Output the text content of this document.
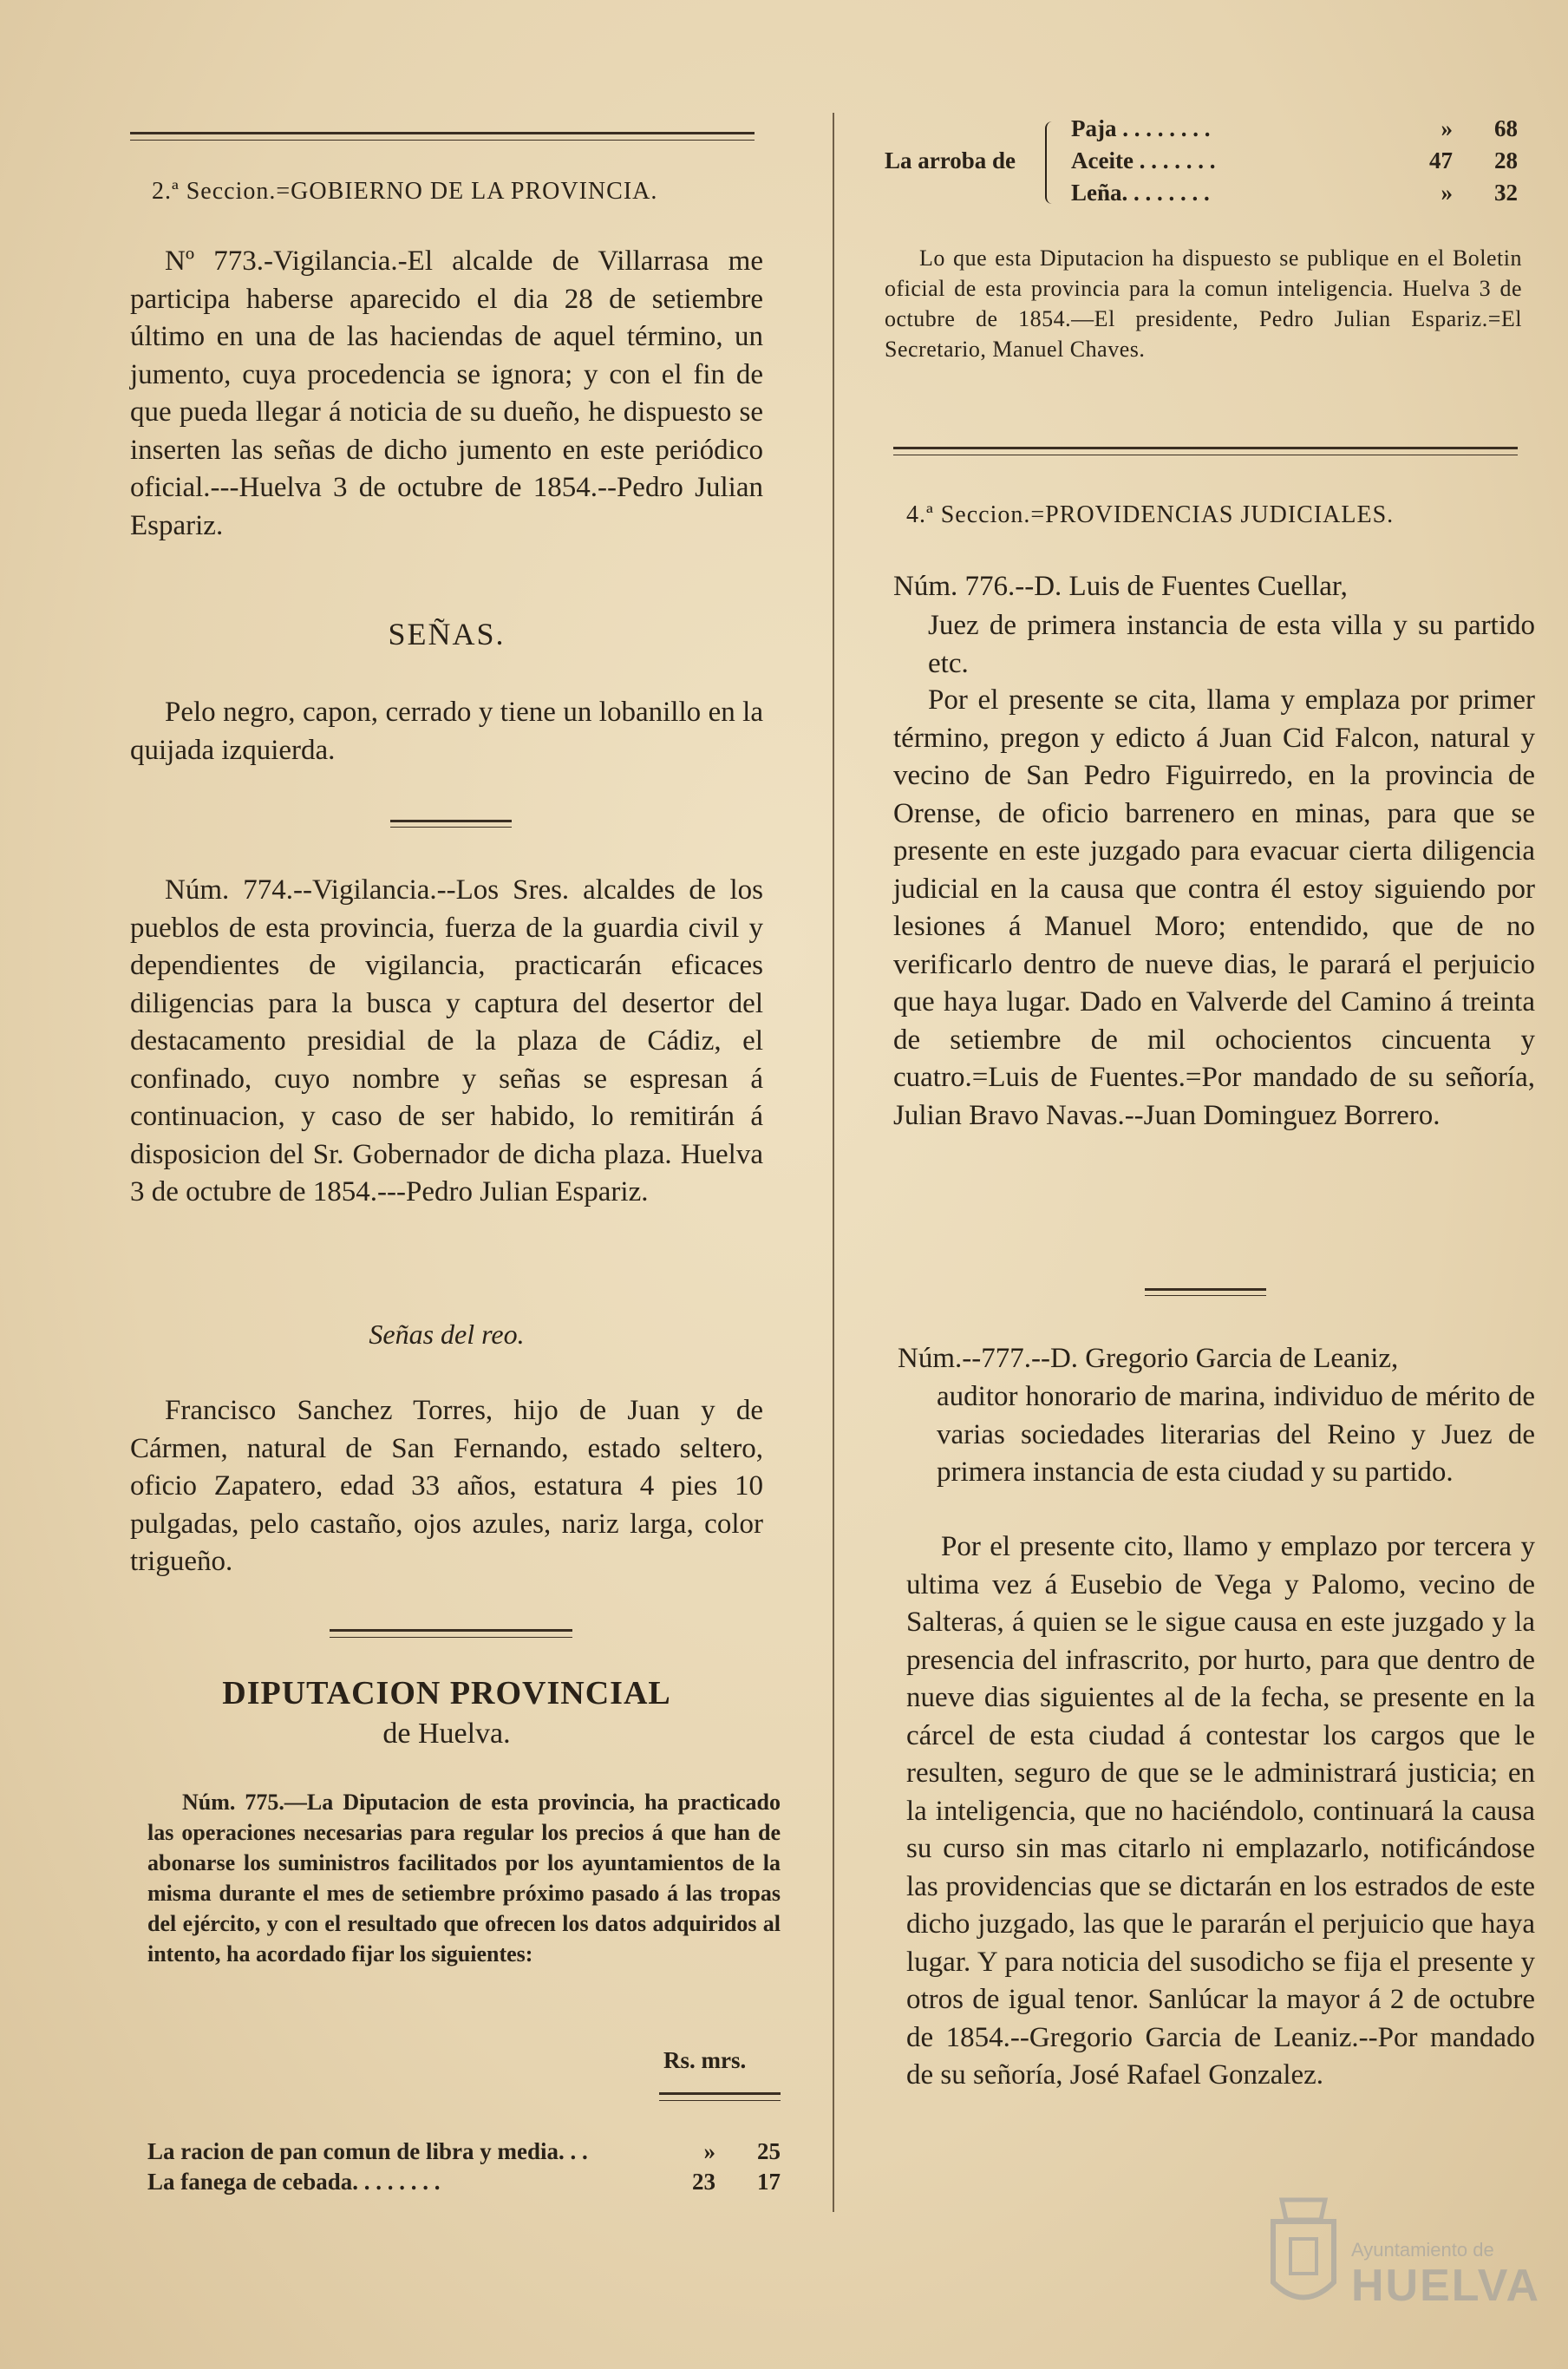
2.ª Seccion.=GOBIERNO DE LA PROVINCIA.

Nº 773.-Vigilancia.-El alcalde de Villarrasa me participa haberse aparecido el dia 28 de setiembre último en una de las haciendas de aquel término, un jumento, cuya procedencia se ignora; y con el fin de que pueda llegar á noticia de su dueño, he dispuesto se inserten las señas de dicho jumento en este periódico oficial.---Huelva 3 de octubre de 1854.--Pedro Julian Espariz.

SEÑAS.

Pelo negro, capon, cerrado y tiene un lobanillo en la quijada izquierda.

Núm. 774.--Vigilancia.--Los Sres. alcaldes de los pueblos de esta provincia, fuerza de la guardia civil y dependientes de vigilancia, practicarán eficaces diligencias para la busca y captura del desertor del destacamento presidial de la plaza de Cádiz, el confinado, cuyo nombre y señas se espresan á continuacion, y caso de ser habido, lo remitirán á disposicion del Sr. Gobernador de dicha plaza. Huelva 3 de octubre de 1854.---Pedro Julian Espariz.

Señas del reo.

Francisco Sanchez Torres, hijo de Juan y de Cármen, natural de San Fernando, estado seltero, oficio Zapatero, edad 33 años, estatura 4 pies 10 pulgadas, pelo castaño, ojos azules, nariz larga, color trigueño.

DIPUTACION PROVINCIAL
de Huelva.

Núm. 775.—La Diputacion de esta provincia, ha practicado las operaciones necesarias para regular los precios á que han de abonarse los suministros facilitados por los ayuntamientos de la misma durante el mes de setiembre próximo pasado á las tropas del ejército, y con el resultado que ofrecen los datos adquiridos al intento, ha acordado fijar los siguientes:

Rs. mrs.
La racion de pan comun de libra y media. . .	» 25
La fanega de cebada. . . . . . . .	23 17
La arroba de
Paja . . . . . . . .	» 68
Aceite . . . . . . .	47 28
Leña. . . . . . . .	» 32

Lo que esta Diputacion ha dispuesto se publique en el Boletin oficial de esta provincia para la comun inteligencia. Huelva 3 de octubre de 1854.—El presidente, Pedro Julian Espariz.=El Secretario, Manuel Chaves.

4.ª Seccion.=PROVIDENCIAS JUDICIALES.
Núm. 776.--D. Luis de Fuentes Cuellar,
Juez de primera instancia de esta villa y su partido etc.

Por el presente se cita, llama y emplaza por primer término, pregon y edicto á Juan Cid Falcon, natural y vecino de San Pedro Figuirredo, en la provincia de Orense, de oficio barrenero en minas, para que se presente en este juzgado para evacuar cierta diligencia judicial en la causa que contra él estoy siguiendo por lesiones á Manuel Moro; entendido, que de no verificarlo dentro de nueve dias, le parará el perjuicio que haya lugar. Dado en Valverde del Camino á treinta de setiembre de mil ochocientos cincuenta y cuatro.=Luis de Fuentes.=Por mandado de su señoría, Julian Bravo Navas.--Juan Dominguez Borrero.

Núm.--777.--D. Gregorio Garcia de Leaniz,
auditor honorario de marina, individuo de mérito de varias sociedades literarias del Reino y Juez de primera instancia de esta ciudad y su partido.

Por el presente cito, llamo y emplazo por tercera y ultima vez á Eusebio de Vega y Palomo, vecino de Salteras, á quien se le sigue causa en este juzgado y la presencia del infrascrito, por hurto, para que dentro de nueve dias siguientes al de la fecha, se presente en la cárcel de esta ciudad á contestar los cargos que le resulten, seguro de que se le administrará justicia; en la inteligencia, que no haciéndolo, continuará la causa su curso sin mas citarlo ni emplazarlo, notificándose las providencias que se dictarán en los estrados de este dicho juzgado, las que le pararán el perjuicio que haya lugar. Y para noticia del susodicho se fija el presente y otros de igual tenor. Sanlúcar la mayor á 2 de octubre de 1854.--Gregorio Garcia de Leaniz.--Por mandado de su señoría, José Rafael Gonzalez.

Ayuntamiento de
HUELVA
